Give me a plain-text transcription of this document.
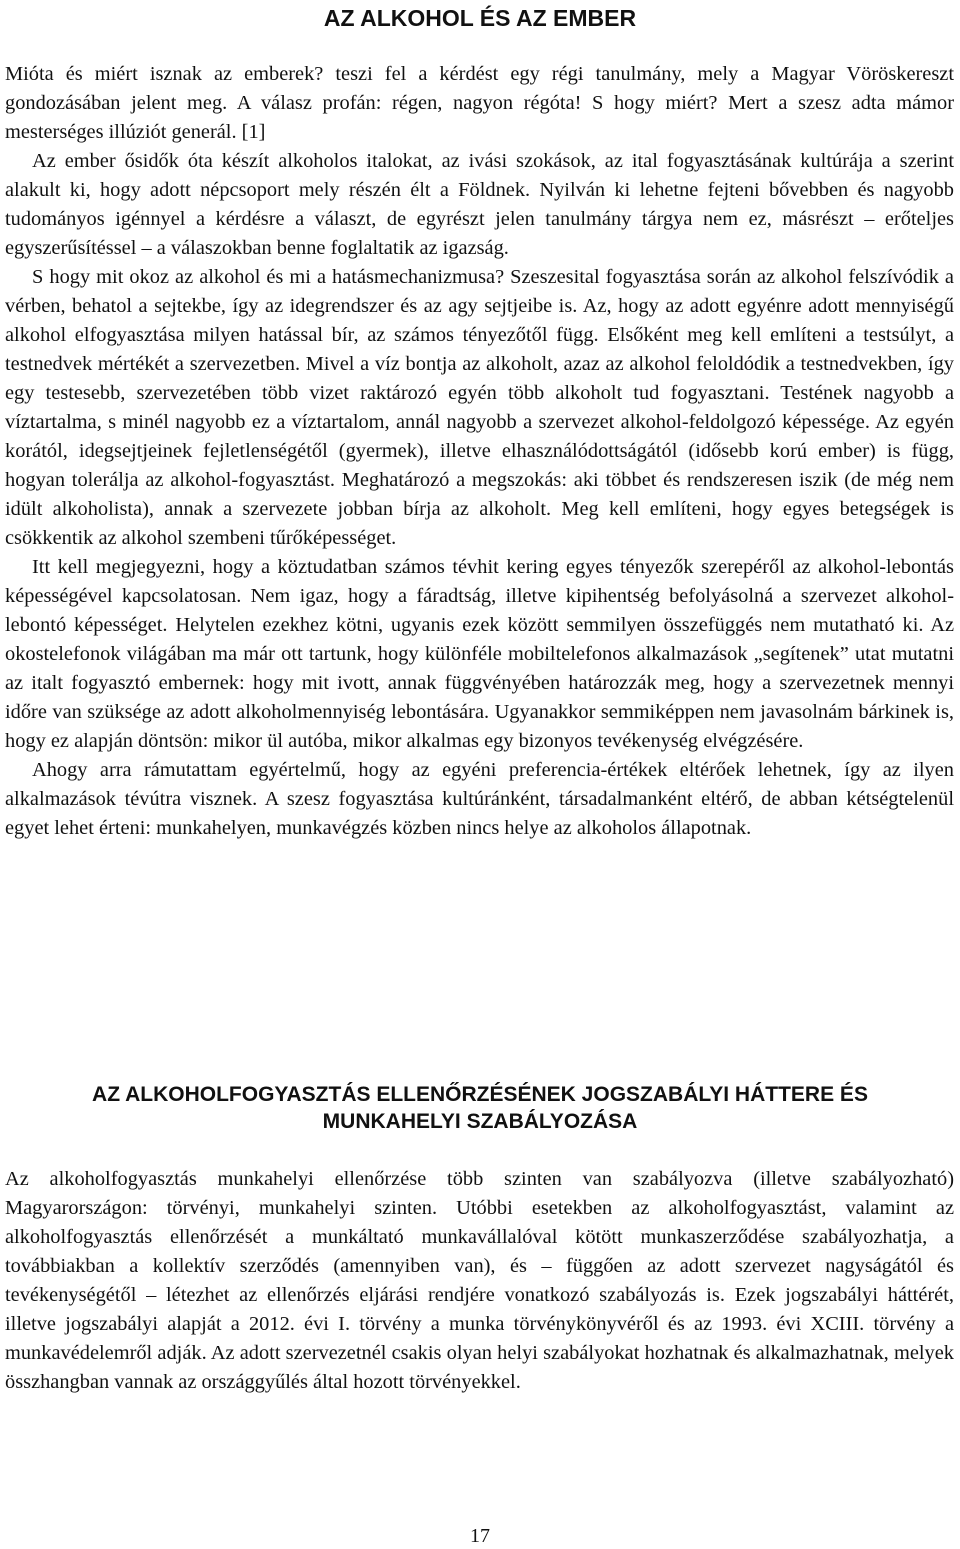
AZ ALKOHOL ÉS AZ EMBER

Mióta és miért isznak az emberek? teszi fel a kérdést egy régi tanulmány, mely a Magyar Vöröskereszt gondozásában jelent meg. A válasz profán: régen, nagyon régóta! S hogy miért? Mert a szesz adta mámor mesterséges illúziót generál. [1]

Az ember ősidők óta készít alkoholos italokat, az ivási szokások, az ital fogyasztásának kultúrája a szerint alakult ki, hogy adott népcsoport mely részén élt a Földnek. Nyilván ki lehetne fejteni bővebben és nagyobb tudományos igénnyel a kérdésre a választ, de egyrészt jelen tanulmány tárgya nem ez, másrészt – erőteljes egyszerűsítéssel – a válaszokban benne foglaltatik az igazság.

S hogy mit okoz az alkohol és mi a hatásmechanizmusa? Szeszesital fogyasztása során az alkohol felszívódik a vérben, behatol a sejtekbe, így az idegrendszer és az agy sejtjeibe is. Az, hogy az adott egyénre adott mennyiségű alkohol elfogyasztása milyen hatással bír, az számos tényezőtől függ. Elsőként meg kell említeni a testsúlyt, a testnedvek mértékét a szervezetben. Mivel a víz bontja az alkoholt, azaz az alkohol feloldódik a testnedvekben, így egy testesebb, szervezetében több vizet raktározó egyén több alkoholt tud fogyasztani. Testének nagyobb a víztartalma, s minél nagyobb ez a víztartalom, annál nagyobb a szervezet alkohol-feldolgozó képessége. Az egyén korától, idegsejtjeinek fejletlenségétől (gyermek), illetve elhasználódottságától (idősebb korú ember) is függ, hogyan tolerálja az alkohol-fogyasztást. Meghatározó a megszokás: aki többet és rendszeresen iszik (de még nem idült alkoholista), annak a szervezete jobban bírja az alkoholt. Meg kell említeni, hogy egyes betegségek is csökkentik az alkohol szembeni tűrőképességet.

Itt kell megjegyezni, hogy a köztudatban számos tévhit kering egyes tényezők szerepéről az alkohol-lebontás képességével kapcsolatosan. Nem igaz, hogy a fáradtság, illetve kipihentség befolyásolná a szervezet alkohol-lebontó képességet. Helytelen ezekhez kötni, ugyanis ezek között semmilyen összefüggés nem mutatható ki. Az okostelefonok világában ma már ott tartunk, hogy különféle mobiltelefonos alkalmazások „segítenek” utat mutatni az italt fogyasztó embernek: hogy mit ivott, annak függvényében határozzák meg, hogy a szervezetnek mennyi időre van szüksége az adott alkoholmennyiség lebontására. Ugyanakkor semmiképpen nem javasolnám bárkinek is, hogy ez alapján döntsön: mikor ül autóba, mikor alkalmas egy bizonyos tevékenység elvégzésére.

Ahogy arra rámutattam egyértelmű, hogy az egyéni preferencia-értékek eltérőek lehetnek, így az ilyen alkalmazások tévútra visznek. A szesz fogyasztása kultúránként, társadalmanként eltérő, de abban kétségtelenül egyet lehet érteni: munkahelyen, munkavégzés közben nincs helye az alkoholos állapotnak.

AZ ALKOHOLFOGYASZTÁS ELLENŐRZÉSÉNEK JOGSZABÁLYI HÁTTERE ÉS
MUNKAHELYI SZABÁLYOZÁSA

Az alkoholfogyasztás munkahelyi ellenőrzése több szinten van szabályozva (illetve szabályozható) Magyarországon: törvényi, munkahelyi szinten. Utóbbi esetekben az alkoholfogyasztást, valamint az alkoholfogyasztás ellenőrzését a munkáltató munkavállalóval kötött munkaszerződése szabályozhatja, a továbbiakban a kollektív szerződés (amennyiben van), és – függően az adott szervezet nagyságától és tevékenységétől – létezhet az ellenőrzés eljárási rendjére vonatkozó szabályozás is. Ezek jogszabályi háttérét, illetve jogszabályi alapját a 2012. évi I. törvény a munka törvénykönyvéről és az 1993. évi XCIII. törvény a munkavédelemről adják. Az adott szervezetnél csakis olyan helyi szabályokat hozhatnak és alkalmazhatnak, melyek összhangban vannak az országgyűlés által hozott törvényekkel.

17
